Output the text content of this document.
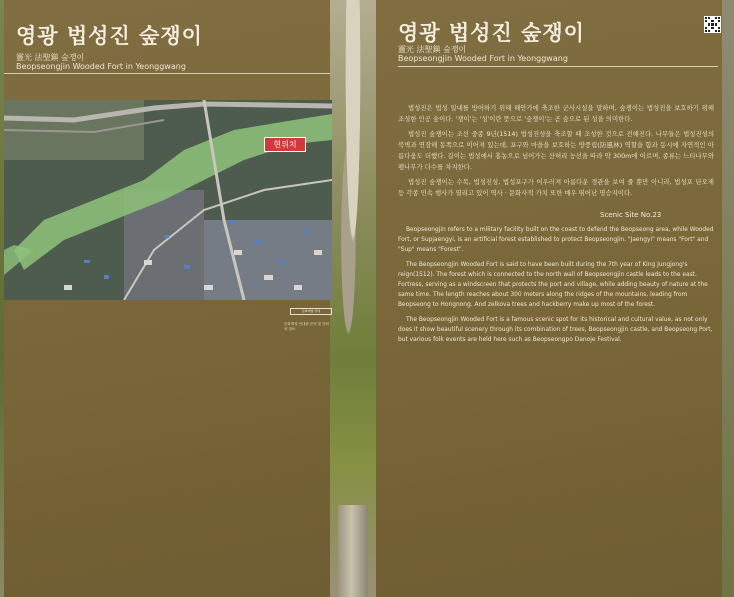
영광 법성진 숲쟁이
靈光 法聖鎭 숲쟁이
Beopseongjin Wooded Fort in Yeonggwang
현위치
문화재청 안내
문화재청 안내판 문의 및 연락처 정보
영광 법성진 숲쟁이
靈光 法聖鎭 숲쟁이
Beopseongjin Wooded Fort in Yeonggwang

법성진은 법성 일대를 방어하기 위해 해안가에 축조한 군사시설을 말하며, 숲쟁이는 법성진을 보호하기 위해 조성한 인공 숲이다. '쟁이'는 '성'이란 뜻으로 '숲쟁이'는 곧 숲으로 된 성을 의미한다.

법성진 숲쟁이는 조선 중종 9년(1514) 법성진성을 축조할 때 조성한 것으로 전해진다. 나무들은 법성진성의 북벽과 연장해 동쪽으로 이어져 있는데, 포구와 마을을 보호하는 방풍림(防風林) 역할을 함과 동시에 자연적인 아름다움도 더했다. 길이는 법성에서 홍농으로 넘어가는 산허리 능선을 따라 약 300m에 이르며, 종류는 느티나무와 팽나무가 다수를 차지한다.

법성진 숲쟁이는 수목, 법성진성, 법성포구가 어우러져 아름다운 경관을 보여 줄 뿐만 아니라, 법성포 단오제 등 각종 민속 행사가 열리고 있어 역사 · 문화사적 가치 또한 매우 뛰어난 명승지이다.

Scenic Site No.23

Beopseongjin refers to a military facility built on the coast to defend the Beopseong area, while Wooded Fort, or Supjaengyi, is an artificial forest established to protect Beopseongjin. "Jaengyi" means "Fort" and "Sup" means "Forest".

The Beopseongjin Wooded Fort is said to have been built during the 7th year of King Jungjong's reign(1512). The forest which is connected to the north wall of Beopseongjin castle leads to the east. Fortress, serving as a windscreen that protects the port and village, while adding beauty of nature at the same time. The length reaches about 300 meters along the ridges of the mountains, leading from Beopseong to Hongnong. And zelkova trees and hackberry make up most of the forest.

The Beopseongjin Wooded Fort is a famous scenic spot for its historical and cultural value, as not only does it show beautiful scenery through its combination of trees, Beopseongjin castle, and Beopseong Port, but various folk events are held here such as Beopseongpo Danoje Festival.
